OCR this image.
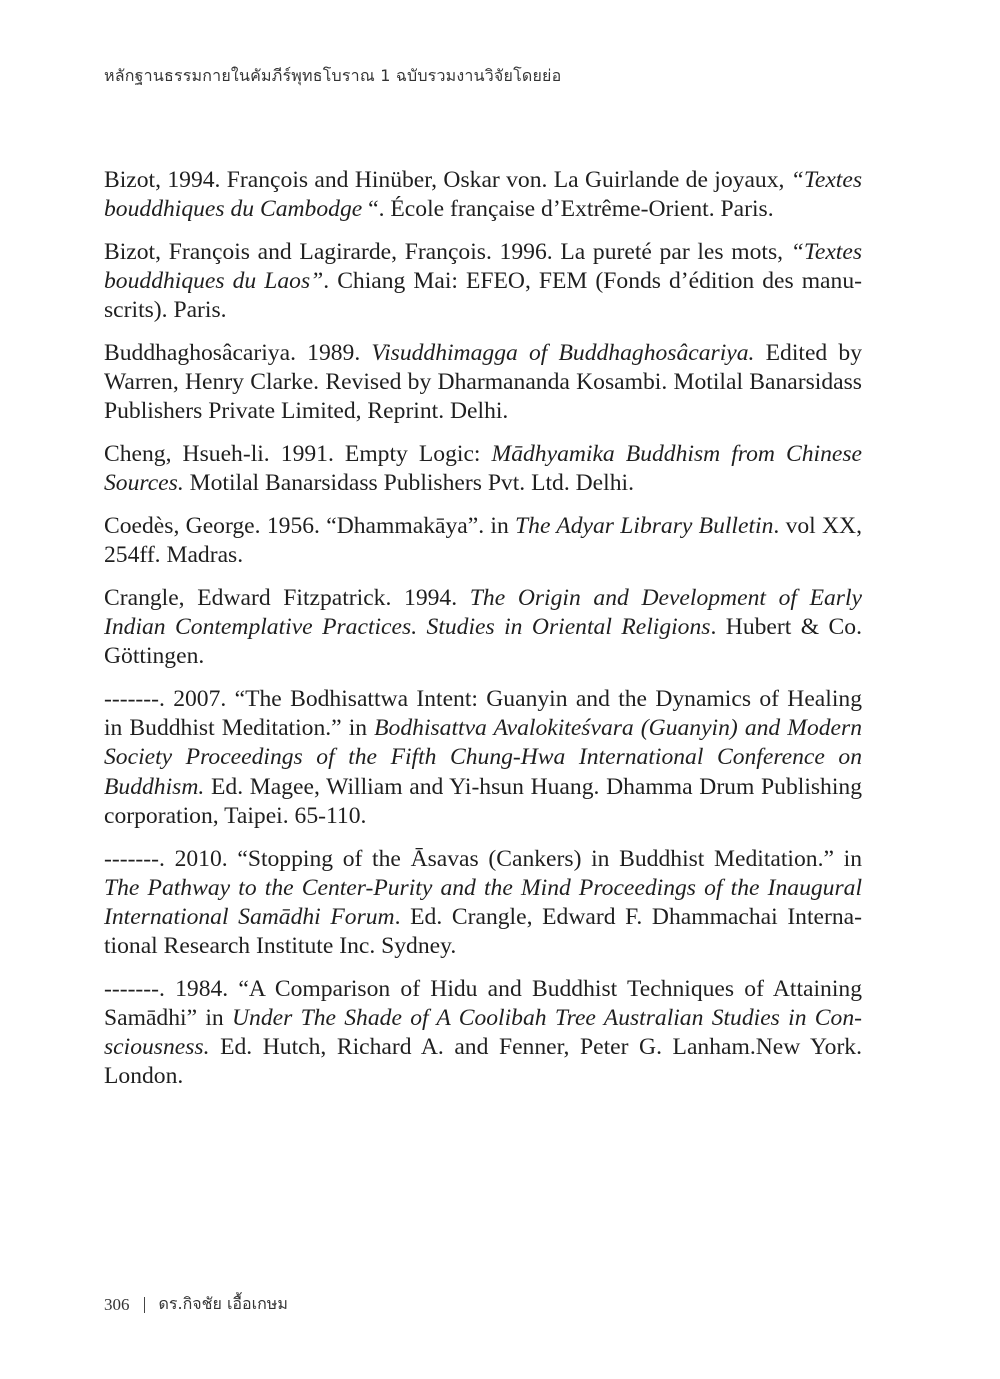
หลักฐานธรรมกายในคัมภีร์พุทธโบราณ 1 ฉบับรวมงานวิจัยโดยย่อ

Bizot, 1994. François and Hinüber, Oskar von. La Guirlande de joyaux, “Textes bouddhiques du Cambodge “. École française d’Extrême-Orient. Paris.

Bizot, François and Lagirarde, François. 1996. La pureté par les mots, “Textes bouddhiques du Laos”. Chiang Mai: EFEO, FEM (Fonds d’édition des manuscrits). Paris.

Buddhaghosâcariya. 1989. Visuddhimagga of Buddhaghosâcariya. Edited by Warren, Henry Clarke. Revised by Dharmananda Kosambi. Motilal Banarsidass Publishers Private Limited, Reprint. Delhi.

Cheng, Hsueh-li. 1991. Empty Logic: Mādhyamika Buddhism from Chinese Sources. Motilal Banarsidass Publishers Pvt. Ltd. Delhi.

Coedès, George. 1956. “Dhammakāya”. in The Adyar Library Bulletin. vol XX, 254ff. Madras.

Crangle, Edward Fitzpatrick. 1994. The Origin and Development of Early Indian Contemplative Practices. Studies in Oriental Religions. Hubert & Co. Göttingen.

-------. 2007. “The Bodhisattwa Intent: Guanyin and the Dynamics of Healing in Buddhist Meditation.” in Bodhisattva Avalokiteśvara (Guanyin) and Modern Society Proceedings of the Fifth Chung-Hwa International Conference on Buddhism. Ed. Magee, William and Yi-hsun Huang. Dhamma Drum Publishing corporation, Taipei. 65-110.

-------. 2010. “Stopping of the Āsavas (Cankers) in Buddhist Meditation.” in The Pathway to the Center-Purity and the Mind Proceedings of the Inaugural International Samādhi Forum. Ed. Crangle, Edward F. Dhammachai International Research Institute Inc. Sydney.

-------. 1984. “A Comparison of Hidu and Buddhist Techniques of Attaining Samādhi” in Under The Shade of A Coolibah Tree Australian Studies in Consciousness. Ed. Hutch, Richard A. and Fenner, Peter G. Lanham.New York. London.

306 ดร.กิจชัย เอื้อเกษม
